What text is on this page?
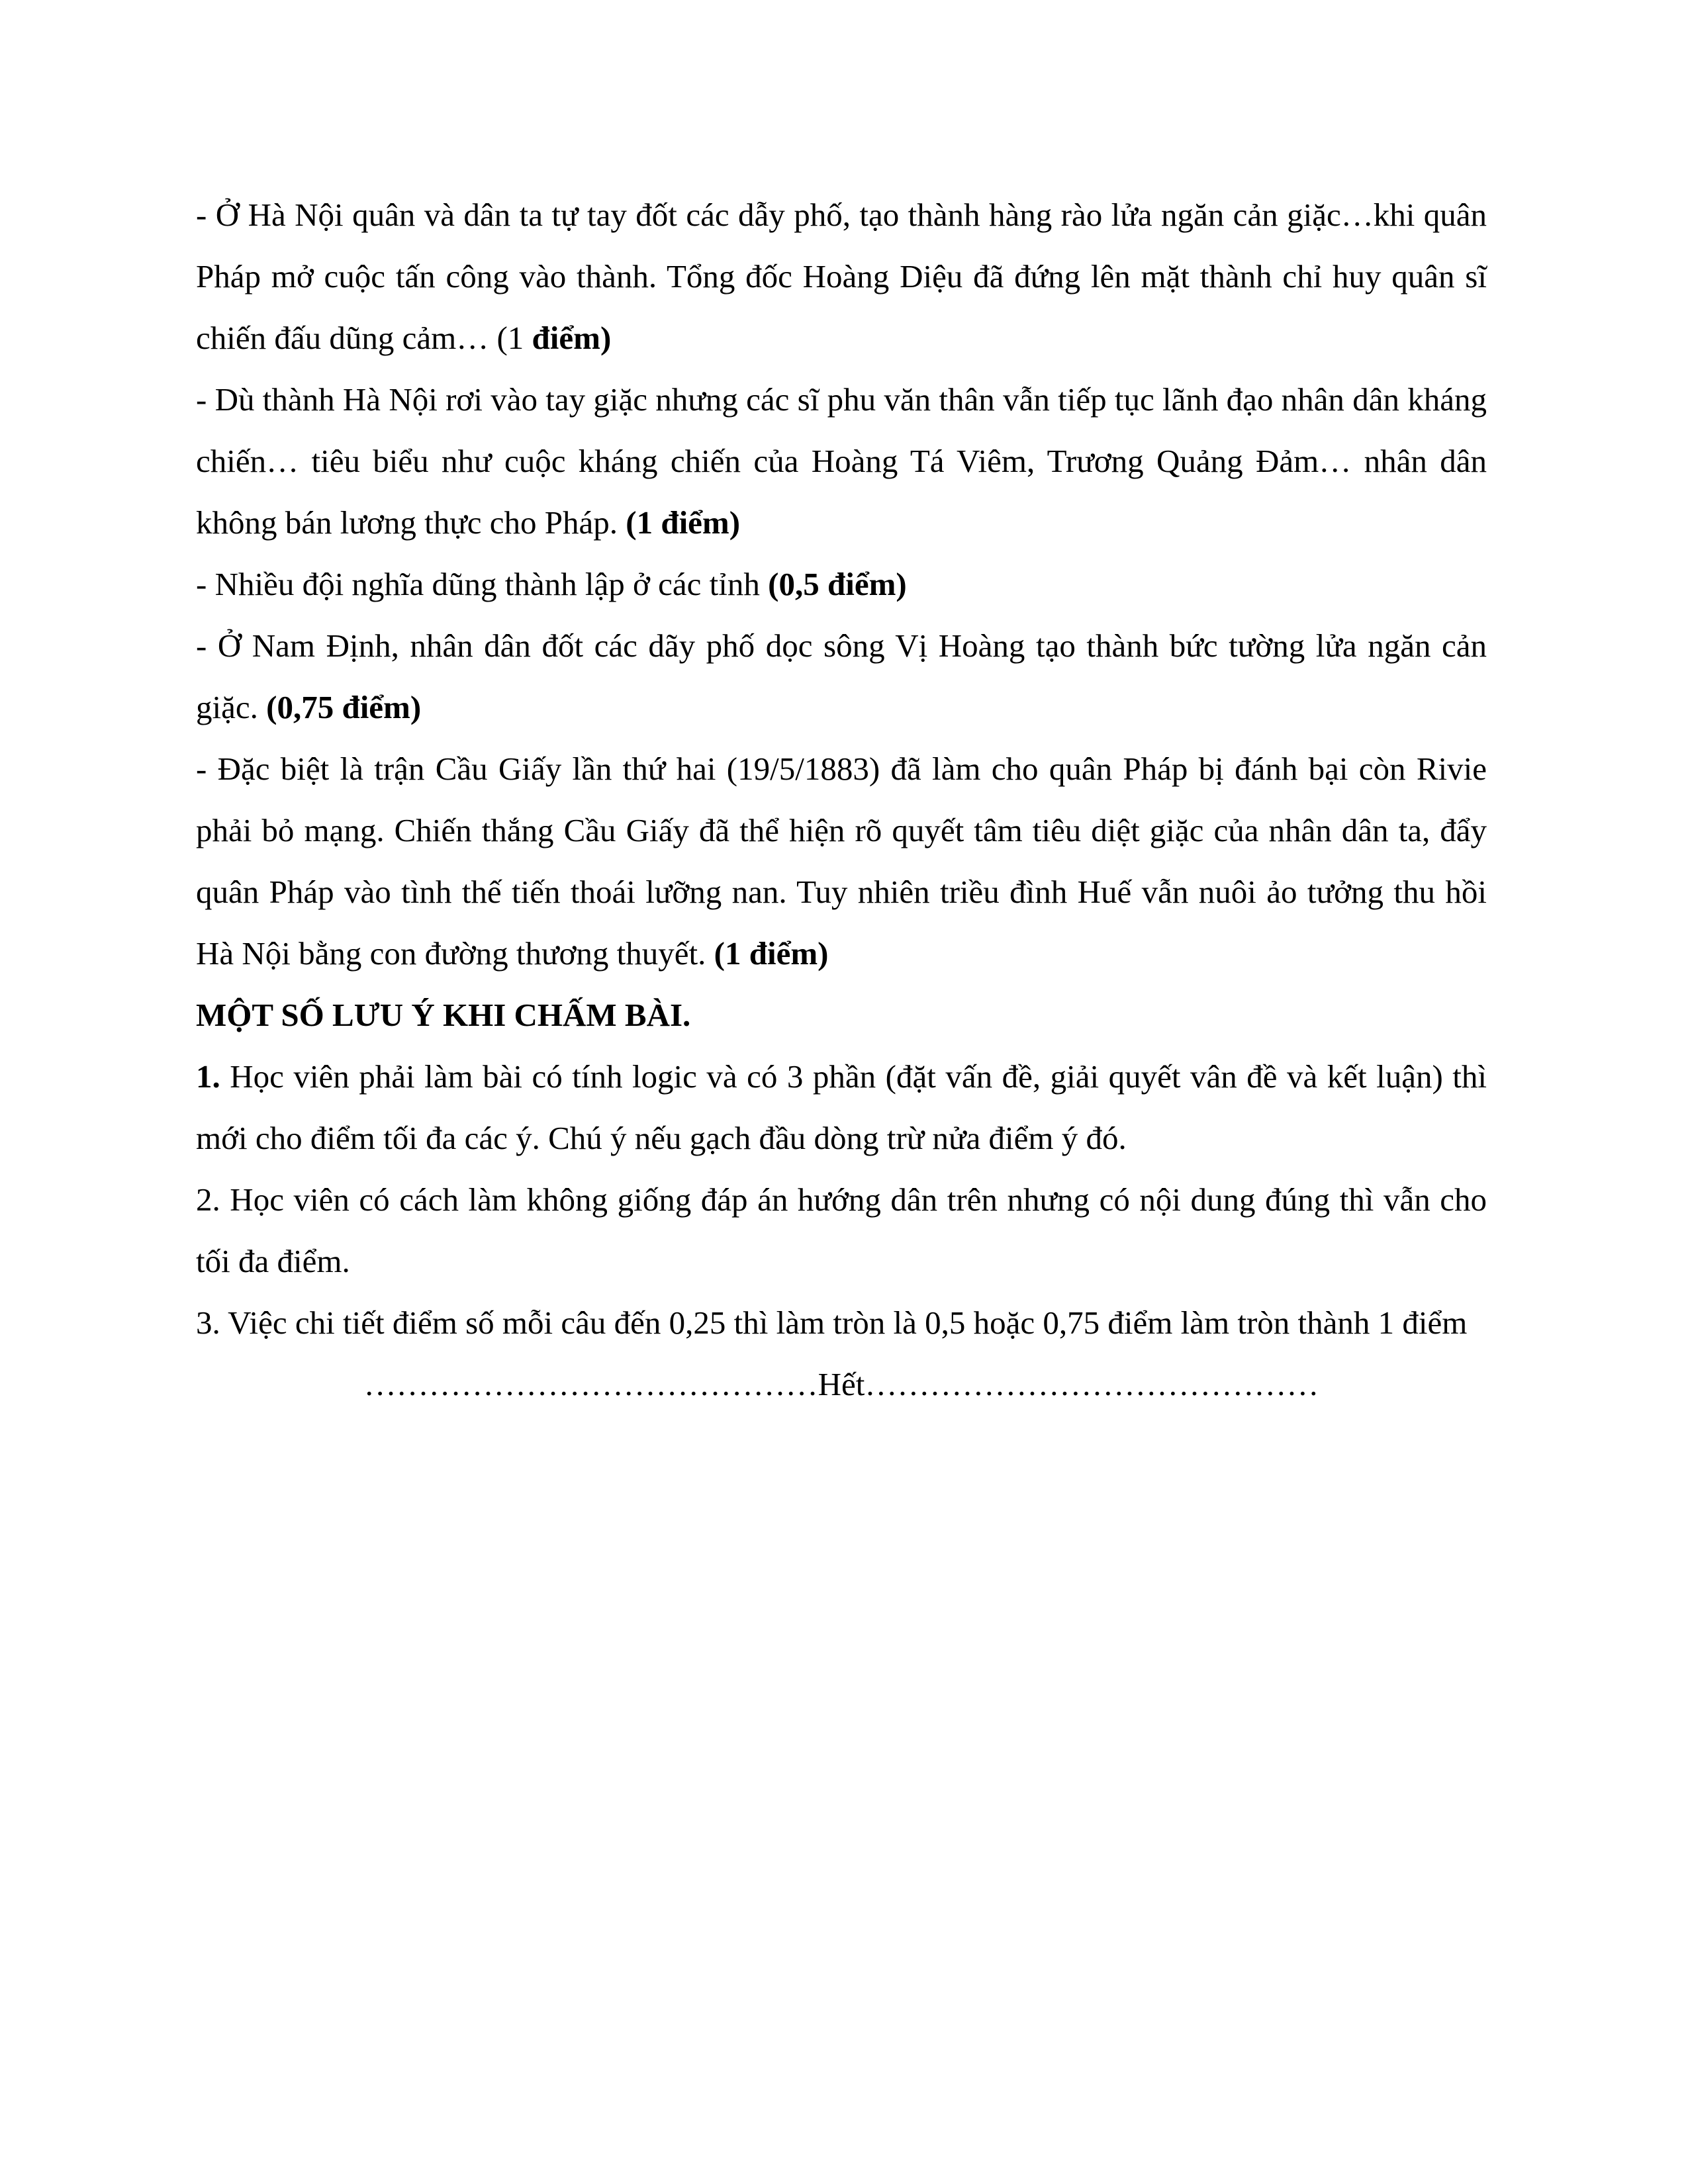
- Ở Hà Nội quân và dân ta tự tay đốt các dẫy phố, tạo thành hàng rào lửa ngăn cản giặc…khi quân Pháp mở cuộc tấn công vào thành. Tổng đốc Hoàng Diệu đã đứng lên mặt thành chỉ huy quân sĩ chiến đấu dũng cảm… (1 điểm)

- Dù thành Hà Nội rơi vào tay giặc nhưng các sĩ phu văn thân vẫn tiếp tục lãnh đạo nhân dân kháng chiến… tiêu biểu như cuộc kháng chiến của Hoàng Tá Viêm, Trương Quảng Đảm… nhân dân không bán lương thực cho Pháp. (1 điểm)

- Nhiều đội nghĩa dũng thành lập ở các tỉnh (0,5 điểm)

- Ở Nam Định, nhân dân đốt các dãy phố dọc sông Vị Hoàng tạo thành bức tường lửa ngăn cản giặc. (0,75 điểm)

- Đặc biệt là trận Cầu Giấy lần thứ hai (19/5/1883) đã làm cho quân Pháp bị đánh bại còn Rivie phải bỏ mạng. Chiến thắng Cầu Giấy đã thể hiện rõ quyết tâm tiêu diệt giặc của nhân dân ta, đẩy quân Pháp vào tình thế tiến thoái lưỡng nan. Tuy nhiên triều đình Huế vẫn nuôi ảo tưởng thu hồi Hà Nội bằng con đường thương thuyết. (1 điểm)

MỘT SỐ LƯU Ý KHI CHẤM BÀI.

1. Học viên phải làm bài có tính logic và có 3 phần (đặt vấn đề, giải quyết vân đề và kết luận) thì mới cho điểm tối đa các ý. Chú ý nếu gạch đầu dòng trừ nửa điểm ý đó.

2. Học viên có cách làm không giống đáp án hướng dân trên nhưng có nội dung đúng thì vẫn cho tối đa điểm.

3. Việc chi tiết điểm số mỗi câu đến 0,25 thì làm tròn là 0,5 hoặc 0,75 điểm làm tròn thành 1 điểm

……………………………………Hết……………………………………
